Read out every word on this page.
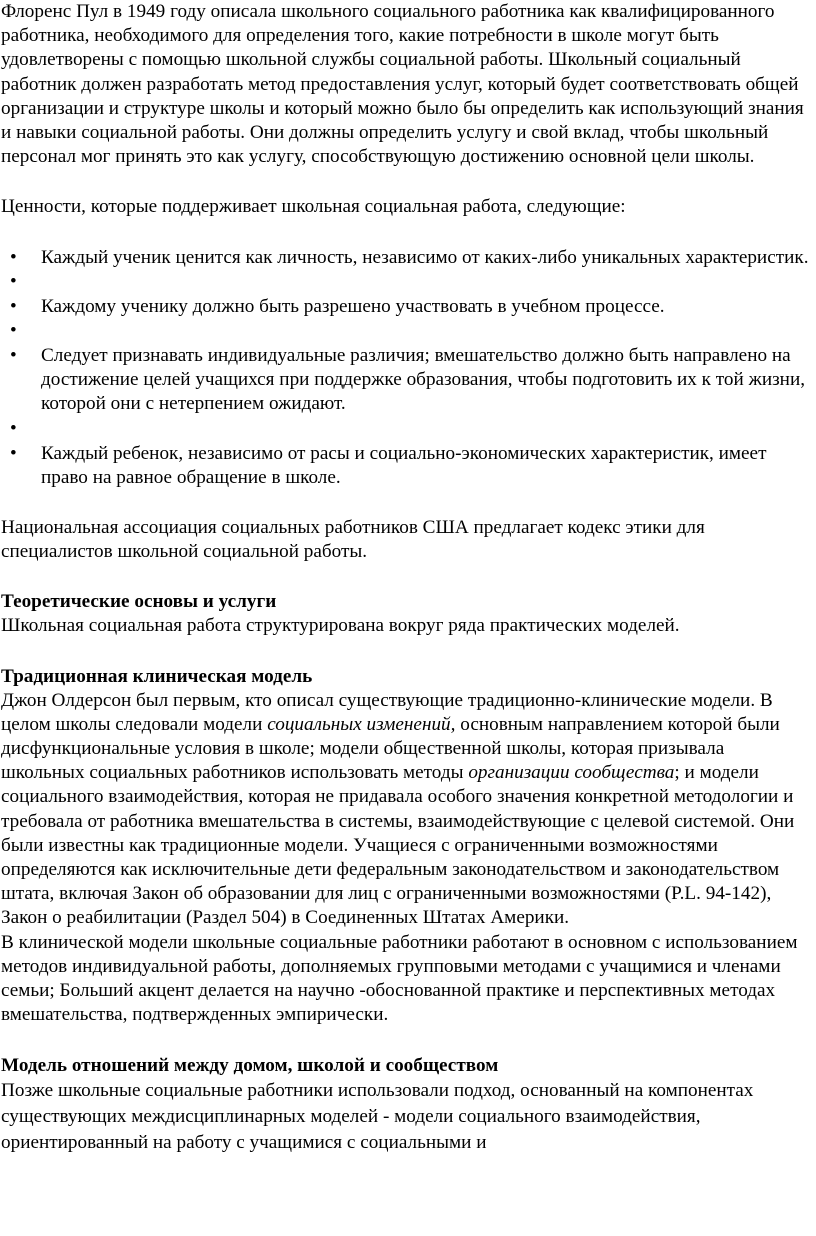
Флоренс Пул в 1949 году описала школьного социального работника как квалифицированного работника, необходимого для определения того, какие потребности в школе могут быть удовлетворены с помощью школьной службы социальной работы. Школьный социальный работник должен разработать метод предоставления услуг, который будет соответствовать общей организации и структуре школы и который можно было бы определить как использующий знания и навыки социальной работы. Они должны определить услугу и свой вклад, чтобы школьный персонал мог принять это как услугу, способствующую достижению основной цели школы.

Ценности, которые поддерживает школьная социальная работа, следующие:

• Каждый ученик ценится как личность, независимо от каких-либо уникальных характеристик.
•
• Каждому ученику должно быть разрешено участвовать в учебном процессе.
•
• Следует признавать индивидуальные различия; вмешательство должно быть направлено на достижение целей учащихся при поддержке образования, чтобы подготовить их к той жизни, которой они с нетерпением ожидают.
•
• Каждый ребенок, независимо от расы и социально-экономических характеристик, имеет право на равное обращение в школе.

Национальная ассоциация социальных работников США предлагает кодекс этики для специалистов школьной социальной работы.

Теоретические основы и услуги

Школьная социальная работа структурирована вокруг ряда практических моделей.

Традиционная клиническая модель

Джон Олдерсон был первым, кто описал существующие традиционно-клинические модели. В целом школы следовали модели социальных изменений, основным направлением которой были дисфункциональные условия в школе; модели общественной школы, которая призывала школьных социальных работников использовать методы организации сообщества; и модели социального взаимодействия, которая не придавала особого значения конкретной методологии и требовала от работника вмешательства в системы, взаимодействующие с целевой системой. Они были известны как традиционные модели. Учащиеся с ограниченными возможностями определяются как исключительные дети федеральным законодательством и законодательством штата, включая Закон об образовании для лиц с ограниченными возможностями (P.L. 94-142), Закон о реабилитации (Раздел 504) в Соединенных Штатах Америки.

В клинической модели школьные социальные работники работают в основном с использованием методов индивидуальной работы, дополняемых групповыми методами с учащимися и членами семьи; Больший акцент делается на научно -обоснованной практике и перспективных методах вмешательства, подтвержденных эмпирически.

Модель отношений между домом, школой и сообществом

Позже школьные социальные работники использовали подход, основанный на компонентах существующих междисциплинарных моделей - модели социального взаимодействия, ориентированный на работу с учащимися с социальными и
